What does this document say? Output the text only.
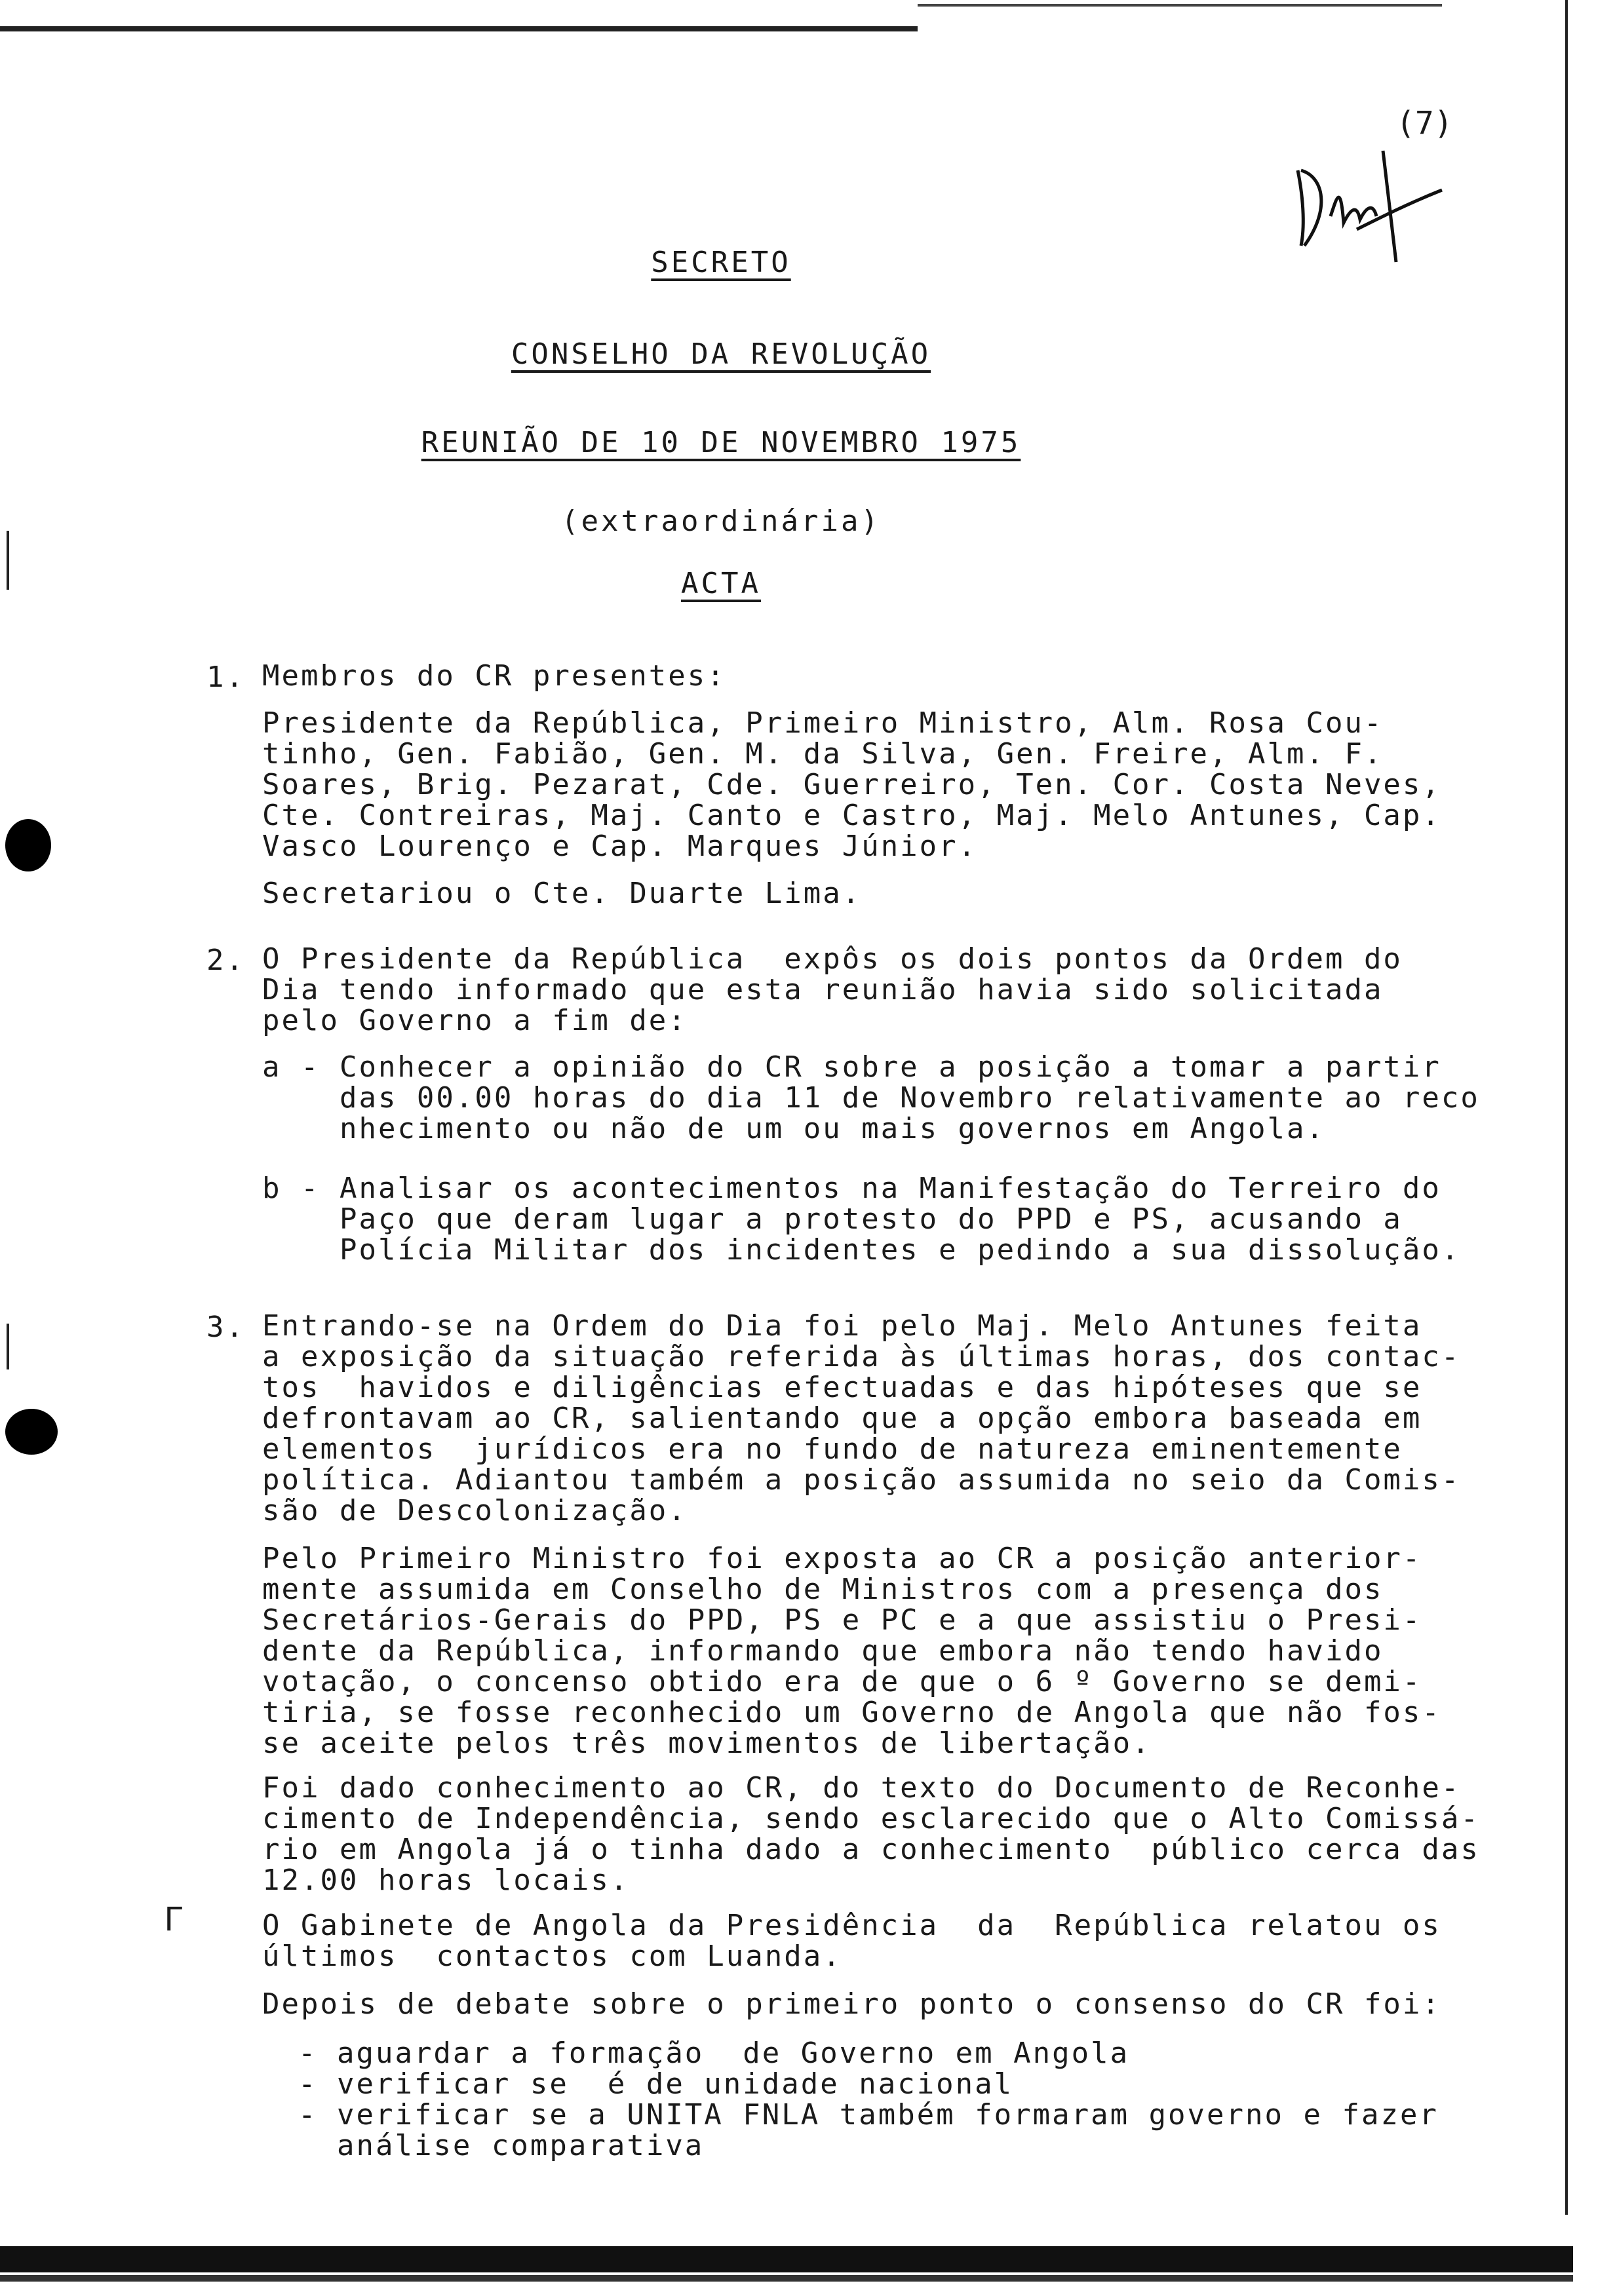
(7)
Γ
SECRETO
CONSELHO DA REVOLUÇÃO
REUNIÃO DE 10 DE NOVEMBRO 1975
(extraordinária)
ACTA
1. Membros do CR presentes:
Presidente da República, Primeiro Ministro, Alm. Rosa Cou-
tinho, Gen. Fabião, Gen. M. da Silva, Gen. Freire, Alm. F.
Soares, Brig. Pezarat, Cde. Guerreiro, Ten. Cor. Costa Neves,
Cte. Contreiras, Maj. Canto e Castro, Maj. Melo Antunes, Cap.
Vasco Lourenço e Cap. Marques Júnior.
Secretariou o Cte. Duarte Lima.
2. O Presidente da República  expôs os dois pontos da Ordem do
Dia tendo informado que esta reunião havia sido solicitada
pelo Governo a fim de:
a - Conhecer a opinião do CR sobre a posição a tomar a partir
das 00.00 horas do dia 11 de Novembro relativamente ao reco
nhecimento ou não de um ou mais governos em Angola.
b - Analisar os acontecimentos na Manifestação do Terreiro do
Paço que deram lugar a protesto do PPD e PS, acusando a
Polícia Militar dos incidentes e pedindo a sua dissolução.
3. Entrando-se na Ordem do Dia foi pelo Maj. Melo Antunes feita
a exposição da situação referida às últimas horas, dos contac-
tos  havidos e diligências efectuadas e das hipóteses que se
defrontavam ao CR, salientando que a opção embora baseada em
elementos  jurídicos era no fundo de natureza eminentemente
política. Adiantou também a posição assumida no seio da Comis-
são de Descolonização.
Pelo Primeiro Ministro foi exposta ao CR a posição anterior-
mente assumida em Conselho de Ministros com a presença dos
Secretários-Gerais do PPD, PS e PC e a que assistiu o Presi-
dente da República, informando que embora não tendo havido
votação, o concenso obtido era de que o 6 º Governo se demi-
tiria, se fosse reconhecido um Governo de Angola que não fos-
se aceite pelos três movimentos de libertação.
Foi dado conhecimento ao CR, do texto do Documento de Reconhe-
cimento de Independência, sendo esclarecido que o Alto Comissá-
rio em Angola já o tinha dado a conhecimento  público cerca das
12.00 horas locais.
O Gabinete de Angola da Presidência  da  República relatou os
últimos  contactos com Luanda.
Depois de debate sobre o primeiro ponto o consenso do CR foi:
- aguardar a formação  de Governo em Angola
- verificar se  é de unidade nacional
- verificar se a UNITA FNLA também formaram governo e fazer
análise comparativa
